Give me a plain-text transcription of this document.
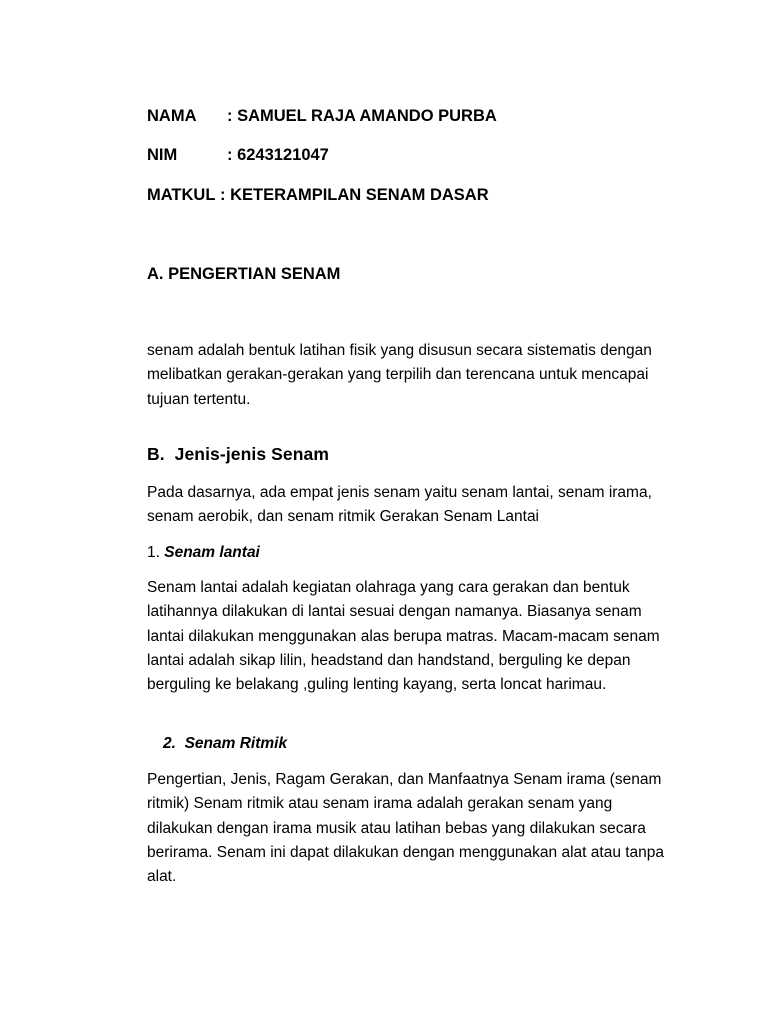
NAMA : SAMUEL RAJA AMANDO PURBA
NIM	: 6243121047
MATKUL : KETERAMPILAN SENAM DASAR
A. PENGERTIAN SENAM

senam adalah bentuk latihan fisik yang disusun secara sistematis dengan melibatkan gerakan-gerakan yang terpilih dan terencana untuk mencapai tujuan tertentu.

B. Jenis-jenis Senam

Pada dasarnya, ada empat jenis senam yaitu senam lantai, senam irama, senam aerobik, dan senam ritmik Gerakan Senam Lantai

1. Senam lantai

Senam lantai adalah kegiatan olahraga yang cara gerakan dan bentuk latihannya dilakukan di lantai sesuai dengan namanya. Biasanya senam lantai dilakukan menggunakan alas berupa matras. Macam-macam senam lantai adalah sikap lilin, headstand dan handstand, berguling ke depan berguling ke belakang ,guling lenting kayang, serta loncat harimau.

2. Senam Ritmik

Pengertian, Jenis, Ragam Gerakan, dan Manfaatnya Senam irama (senam ritmik) Senam ritmik atau senam irama adalah gerakan senam yang dilakukan dengan irama musik atau latihan bebas yang dilakukan secara berirama. Senam ini dapat dilakukan dengan menggunakan alat atau tanpa alat.
